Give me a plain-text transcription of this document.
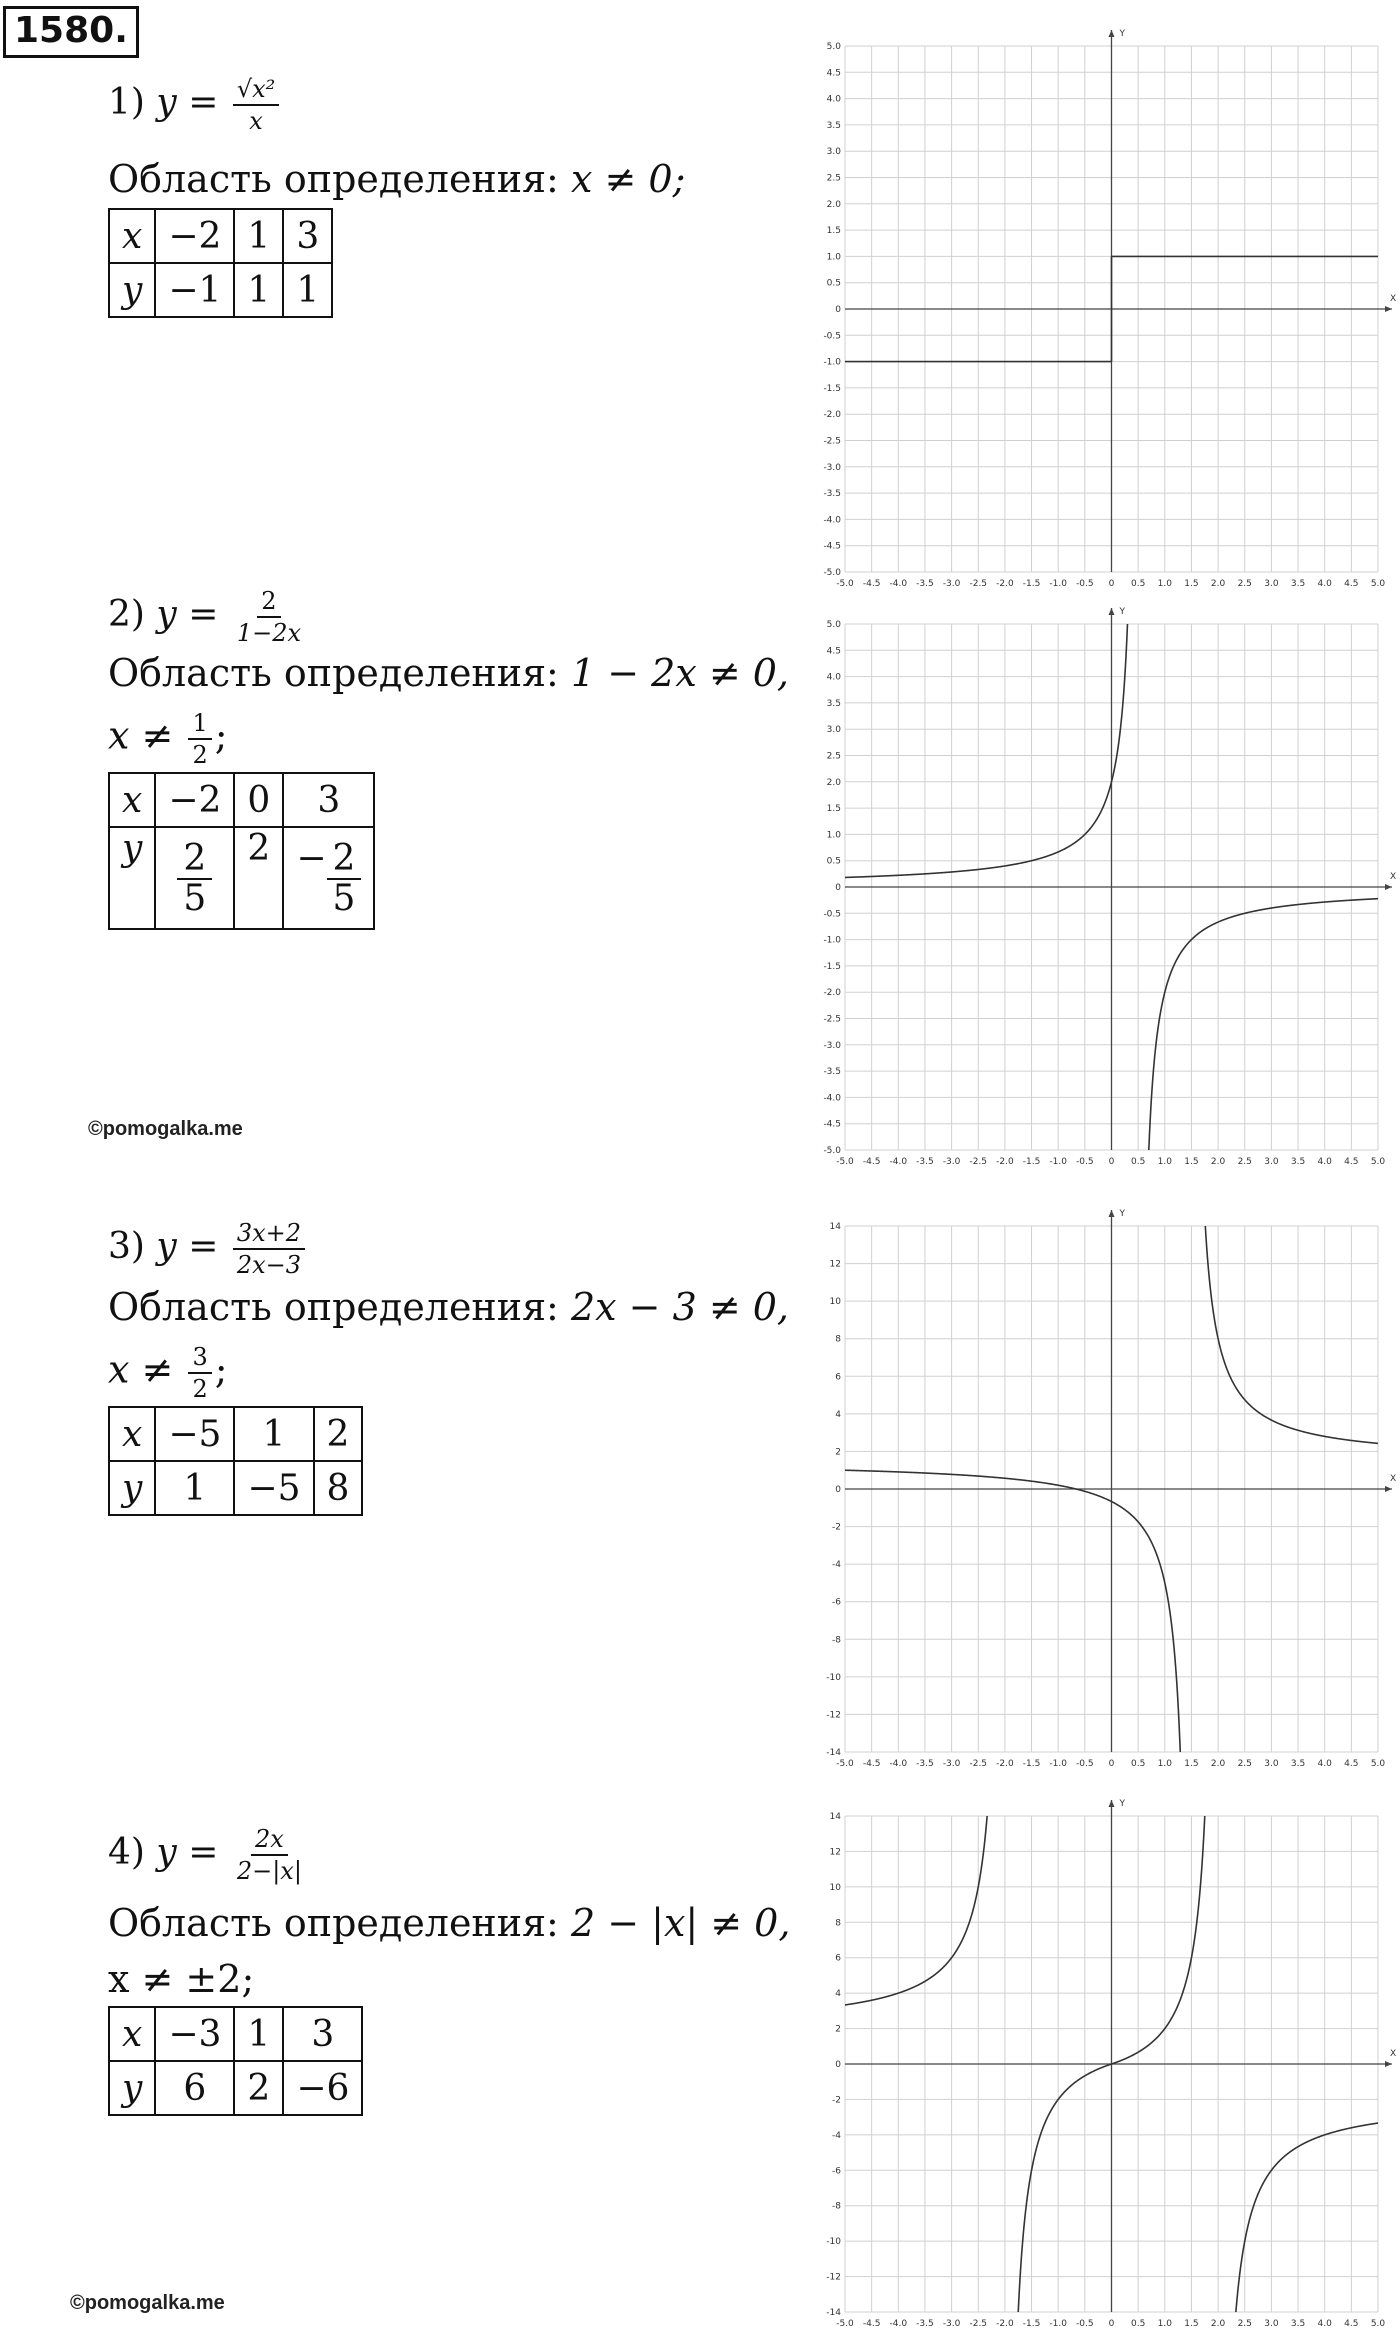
1580.
1) $y = \frac{\text{√x²}}{x}$
Область определения: x ≠ 0;
x	−2	1	3
y	−1	1	1
2) $y = \frac{2}{1-2x}$
Область определения: 1 − 2x ≠ 0,
$x \ne \frac{1}{2}$ ;
x	−2	0	3
y	$\frac{2}{5}$	2	− $\frac{2}{5}$
©pomogalka.me
3) $y = \frac{3x+2}{2x-3}$
Область определения: 2x − 3 ≠ 0,
$x \ne \frac{3}{2}$ ;
x	−5	1	2
y	1	−5	8
4) $y = \frac{2x}{2-|x|}$
Область определения: 2 − |x| ≠ 0,
x ≠ ±2;
x	−3	1	3
y	6	2	−6
©pomogalka.me
X
Y
-5.0 -4.5 -4.0 -3.5 -3.0 -2.5 -2.0 -1.5 -1.0 -0.5 0 0.5 1.0 1.5 2.0 2.5 3.0 3.5 4.0 4.5 5.0
-5.0
-4.5
-4.0
-3.5
-3.0
-2.5
-2.0
-1.5
-1.0
-0.5
0
0.5
1.0
1.5
2.0
2.5
3.0
3.5
4.0
4.5
5.0
X
Y
-5.0 -4.5 -4.0 -3.5 -3.0 -2.5 -2.0 -1.5 -1.0 -0.5 0 0.5 1.0 1.5 2.0 2.5 3.0 3.5 4.0 4.5 5.0
-5.0
-4.5
-4.0
-3.5
-3.0
-2.5
-2.0
-1.5
-1.0
-0.5
0
0.5
1.0
1.5
2.0
2.5
3.0
3.5
4.0
4.5
5.0
X
Y
-5.0 -4.5 -4.0 -3.5 -3.0 -2.5 -2.0 -1.5 -1.0 -0.5 0 0.5 1.0 1.5 2.0 2.5 3.0 3.5 4.0 4.5 5.0
-14
-12
-10
-8
-6
-4
-2
0
2
4
6
8
10
12
14
X
Y
-5.0 -4.5 -4.0 -3.5 -3.0 -2.5 -2.0 -1.5 -1.0 -0.5 0 0.5 1.0 1.5 2.0 2.5 3.0 3.5 4.0 4.5 5.0
-14
-12
-10
-8
-6
-4
-2
0
2
4
6
8
10
12
14
